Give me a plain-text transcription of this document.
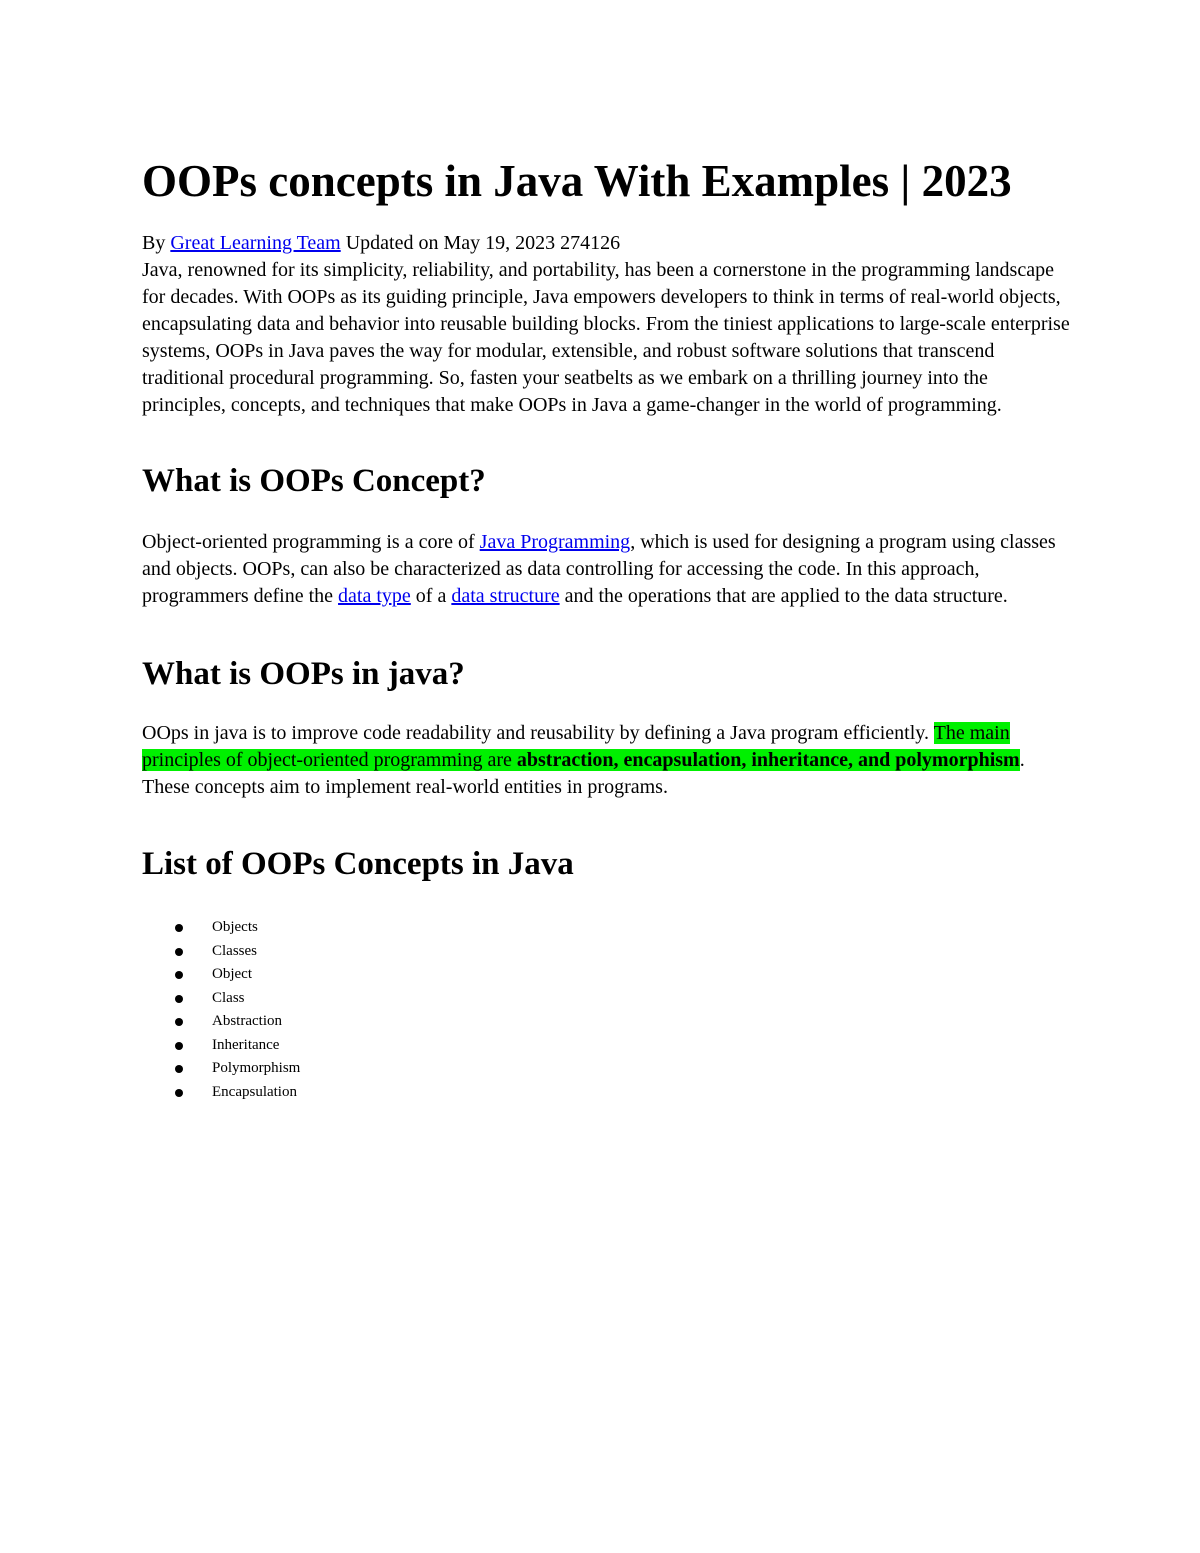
OOPs concepts in Java With Examples | 2023

By Great Learning Team Updated on May 19, 2023 274126

Java, renowned for its simplicity, reliability, and portability, has been a cornerstone in the programming landscape for decades. With OOPs as its guiding principle, Java empowers developers to think in terms of real-world objects, encapsulating data and behavior into reusable building blocks. From the tiniest applications to large-scale enterprise systems, OOPs in Java paves the way for modular, extensible, and robust software solutions that transcend traditional procedural programming. So, fasten your seatbelts as we embark on a thrilling journey into the principles, concepts, and techniques that make OOPs in Java a game-changer in the world of programming.

What is OOPs Concept?

Object-oriented programming is a core of Java Programming, which is used for designing a program using classes and objects. OOPs, can also be characterized as data controlling for accessing the code. In this approach, programmers define the data type of a data structure and the operations that are applied to the data structure.

What is OOPs in java?

OOps in java is to improve code readability and reusability by defining a Java program efficiently. The main principles of object-oriented programming are abstraction, encapsulation, inheritance, and polymorphism. These concepts aim to implement real-world entities in programs.

List of OOPs Concepts in Java
Objects
Classes
Object
Class
Abstraction
Inheritance
Polymorphism
Encapsulation
